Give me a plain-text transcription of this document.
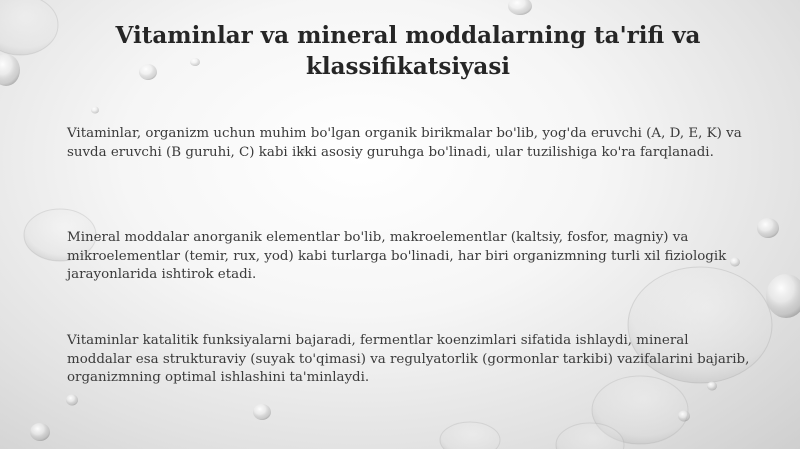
Vitaminlar va mineral moddalarning ta'rifi va klassifikatsiyasi

Vitaminlar, organizm uchun muhim bo'lgan organik birikmalar bo'lib, yog'da eruvchi (A, D, E, K) va suvda eruvchi (B guruhi, C) kabi ikki asosiy guruhga bo'linadi, ular tuzilishiga ko'ra farqlanadi.

Mineral moddalar anorganik elementlar bo'lib, makroelementlar (kaltsiy, fosfor, magniy) va mikroelementlar (temir, rux, yod) kabi turlarga bo'linadi, har biri organizmning turli xil fiziologik jarayonlarida ishtirok etadi.

Vitaminlar katalitik funksiyalarni bajaradi, fermentlar koenzimlari sifatida ishlaydi, mineral moddalar esa strukturaviy (suyak to'qimasi) va regulyatorlik (gormonlar tarkibi) vazifalarini bajarib, organizmning optimal ishlashini ta'minlaydi.
